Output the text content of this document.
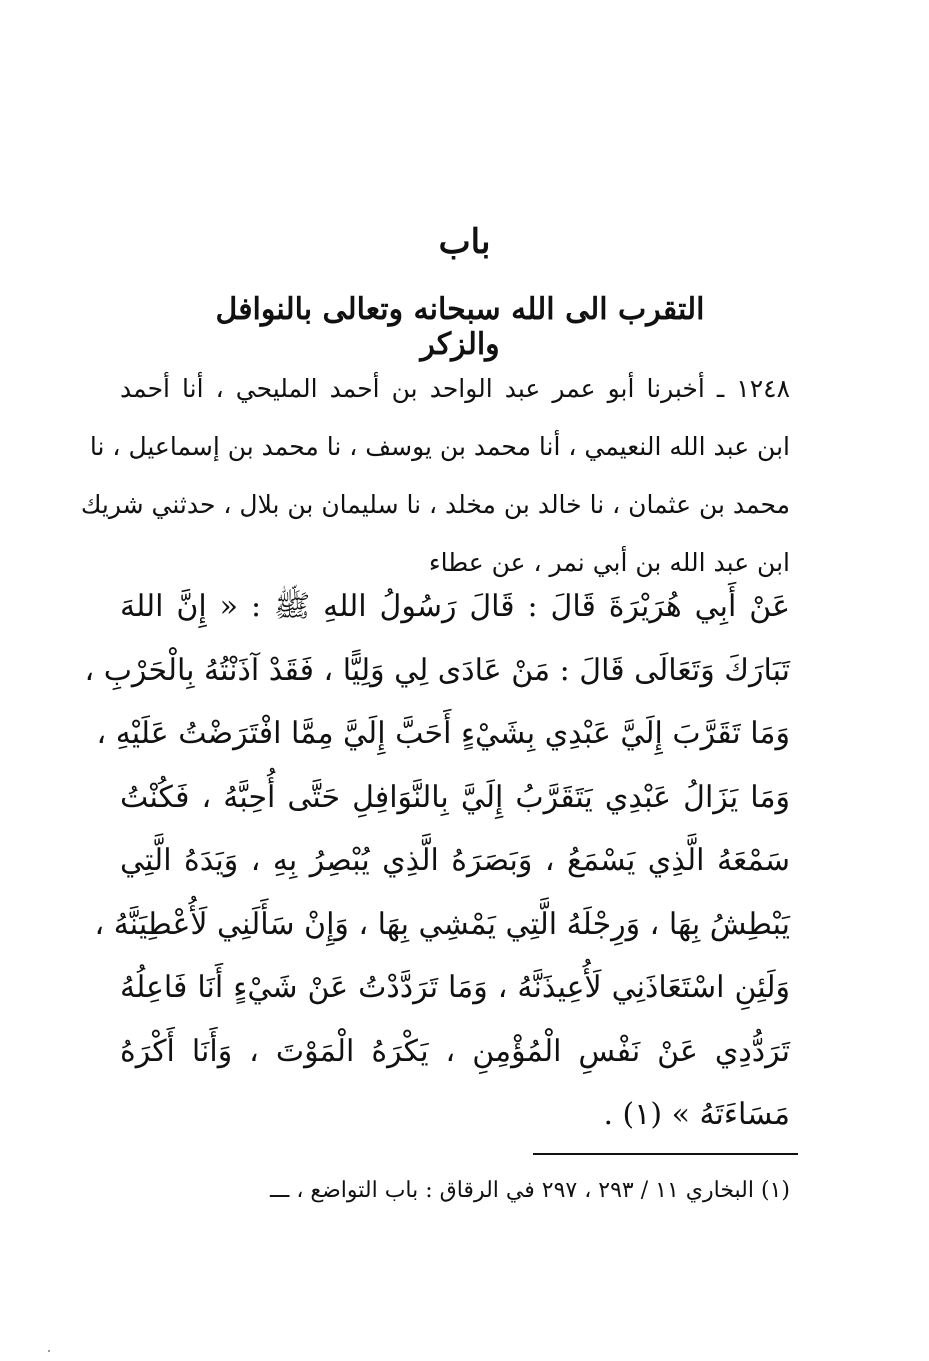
باب
التقرب الى الله سبحانه وتعالى بالنوافل والزكر
١٢٤٨ ـ أخبرنا أبو عمر عبد الواحد بن أحمد المليحي ، أنا أحمد
ابن عبد الله النعيمي ، أنا محمد بن يوسف ، نا محمد بن إسماعيل ، نا
محمد بن عثمان ، نا خالد بن مخلد ، نا سليمان بن بلال ، حدثني شريك
ابن عبد الله بن أبي نمر ، عن عطاء
عَنْ أَبِي هُرَيْرَةَ قَالَ : قَالَ رَسُولُ اللهِ ﷺ : « إِنَّ اللهَ
تَبَارَكَ وَتَعَالَى قَالَ : مَنْ عَادَى لِي وَلِيًّا ، فَقَدْ آذَنْتُهُ بِالْحَرْبِ ،
وَمَا تَقَرَّبَ إِلَيَّ عَبْدِي بِشَيْءٍ أَحَبَّ إِلَيَّ مِمَّا افْتَرَضْتُ عَلَيْهِ ،
وَمَا يَزَالُ عَبْدِي يَتَقَرَّبُ إِلَيَّ بِالنَّوَافِلِ حَتَّى أُحِبَّهُ ، فَكُنْتُ
سَمْعَهُ الَّذِي يَسْمَعُ ، وَبَصَرَهُ الَّذِي يُبْصِرُ بِهِ ، وَيَدَهُ الَّتِي
يَبْطِشُ بِهَا ، وَرِجْلَهُ الَّتِي يَمْشِي بِهَا ، وَإِنْ سَأَلَنِي لَأُعْطِيَنَّهُ ،
وَلَئِنِ اسْتَعَاذَنِي لَأُعِيذَنَّهُ ، وَمَا تَرَدَّدْتُ عَنْ شَيْءٍ أَنَا فَاعِلُهُ
تَرَدُّدِي عَنْ نَفْسِ الْمُؤْمِنِ ، يَكْرَهُ الْمَوْتَ ، وَأَنَا أَكْرَهُ
مَسَاءَتَهُ » (١) .
(١) البخاري ١١ / ٢٩٣ ، ٢٩٧ في الرقاق : باب التواضع ، ـــ
